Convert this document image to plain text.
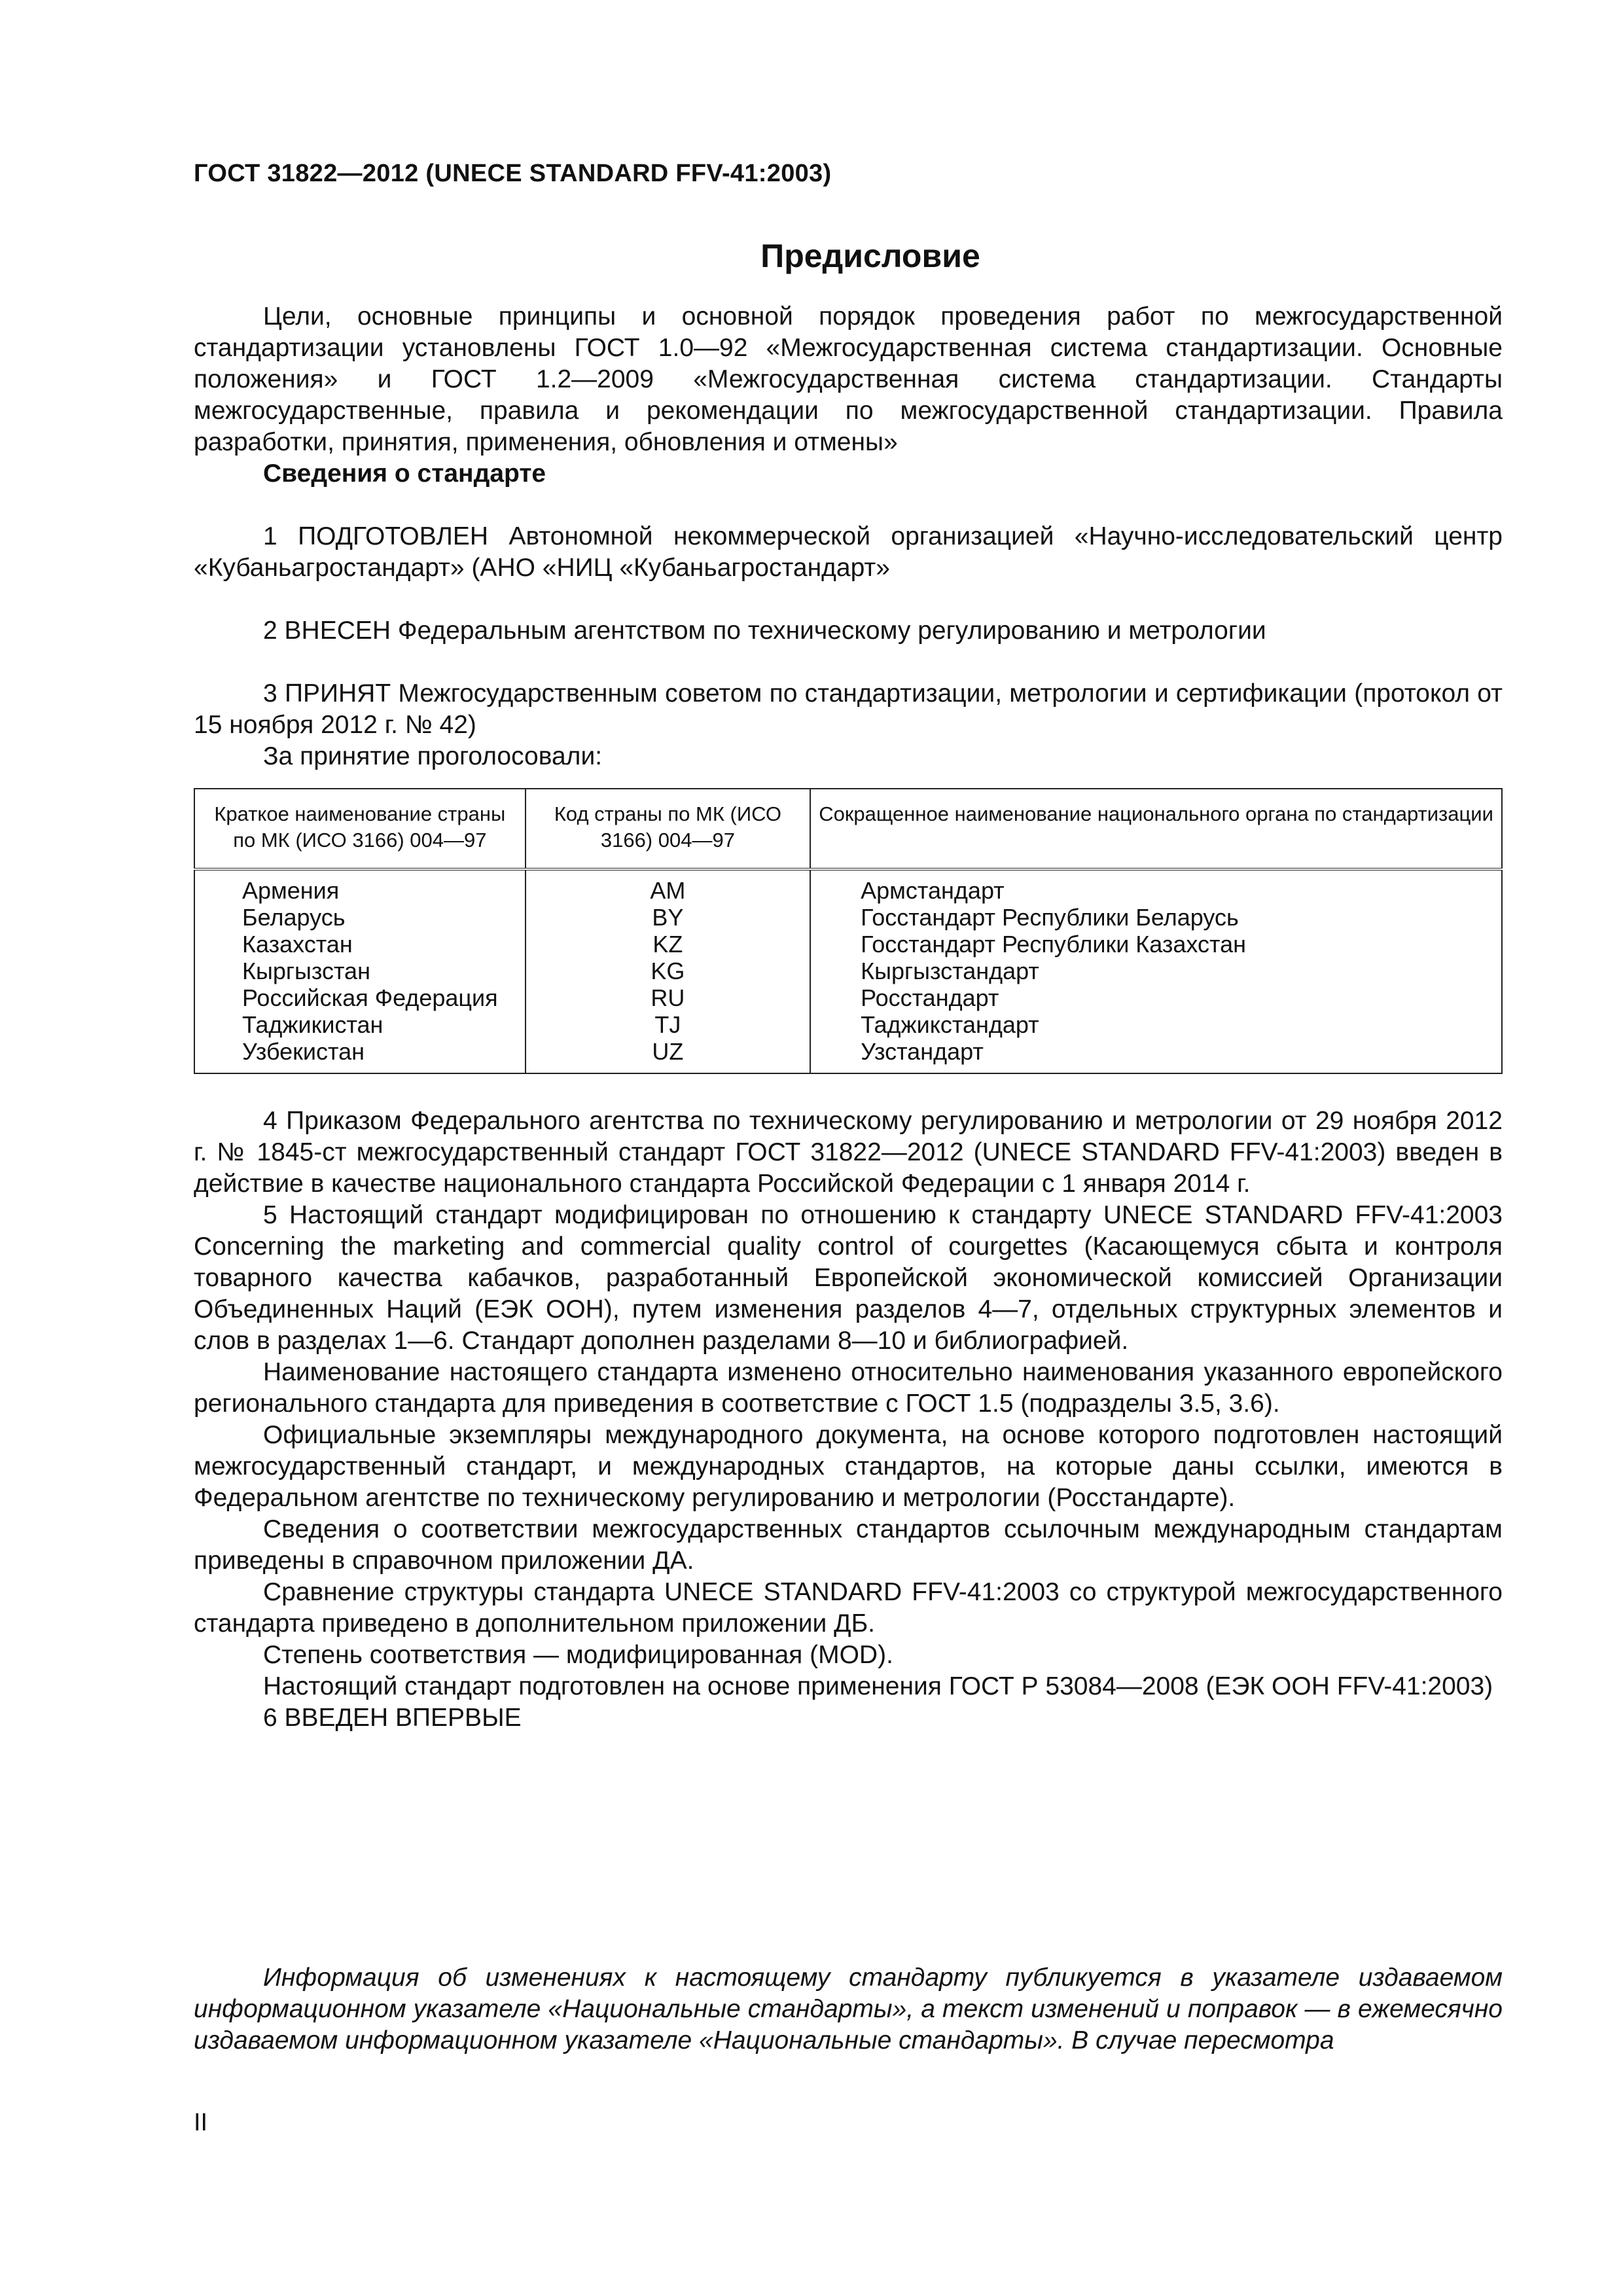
ГОСТ 31822—2012 (UNECE STANDARD FFV-41:2003)
Предисловие

Цели, основные принципы и основной порядок проведения работ по межгосударственной стандартизации установлены ГОСТ 1.0—92 «Межгосударственная система стандартизации. Основные положения» и ГОСТ 1.2—2009 «Межгосударственная система стандартизации. Стандарты межгосударственные, правила и рекомендации по межгосударственной стандартизации. Правила разработки, принятия, применения, обновления и отмены»

Сведения о стандарте

1 ПОДГОТОВЛЕН Автономной некоммерческой организацией «Научно-исследовательский центр «Кубаньагростандарт» (АНО «НИЦ «Кубаньагростандарт»

2 ВНЕСЕН Федеральным агентством по техническому регулированию и метрологии

3 ПРИНЯТ Межгосударственным советом по стандартизации, метрологии и сертификации (протокол от 15 ноября 2012 г. № 42)

За принятие проголосовали:

Краткое наименование страны по МК (ИСО 3166) 004—97	Код страны по МК (ИСО 3166) 004—97	Сокращенное наименование национального органа по стандартизации
Армения	AM	Армстандарт
Беларусь	BY	Госстандарт Республики Беларусь
Казахстан	KZ	Госстандарт Республики Казахстан
Кыргызстан	KG	Кыргызстандарт
Российская Федерация	RU	Росстандарт
Таджикистан	TJ	Таджикстандарт
Узбекистан	UZ	Узстандарт

4 Приказом Федерального агентства по техническому регулированию и метрологии от 29 ноября 2012 г. № 1845-ст межгосударственный стандарт ГОСТ 31822—2012 (UNECE STANDARD FFV-41:2003) введен в действие в качестве национального стандарта Российской Федерации с 1 января 2014 г.

5 Настоящий стандарт модифицирован по отношению к стандарту UNECE STANDARD FFV-41:2003 Concerning the marketing and commercial quality control of courgettes (Касающемуся сбыта и контроля товарного качества кабачков, разработанный Европейской экономической комиссией Организации Объединенных Наций (ЕЭК ООН), путем изменения разделов 4—7, отдельных структурных элементов и слов в разделах 1—6. Стандарт дополнен разделами 8—10 и библиографией.

Наименование настоящего стандарта изменено относительно наименования указанного европейского регионального стандарта для приведения в соответствие с ГОСТ 1.5 (подразделы 3.5, 3.6).

Официальные экземпляры международного документа, на основе которого подготовлен настоящий межгосударственный стандарт, и международных стандартов, на которые даны ссылки, имеются в Федеральном агентстве по техническому регулированию и метрологии (Росстандарте).

Сведения о соответствии межгосударственных стандартов ссылочным международным стандартам приведены в справочном приложении ДА.

Сравнение структуры стандарта UNECE STANDARD FFV-41:2003 со структурой межгосударственного стандарта приведено в дополнительном приложении ДБ.

Степень соответствия — модифицированная (MOD).

Настоящий стандарт подготовлен на основе применения ГОСТ Р 53084—2008 (ЕЭК ООН FFV-41:2003)

6 ВВЕДЕН ВПЕРВЫЕ

Информация об изменениях к настоящему стандарту публикуется в указателе издаваемом информационном указателе «Национальные стандарты», а текст изменений и поправок — в ежемесячно издаваемом информационном указателе «Национальные стандарты». В случае пересмотра

II
